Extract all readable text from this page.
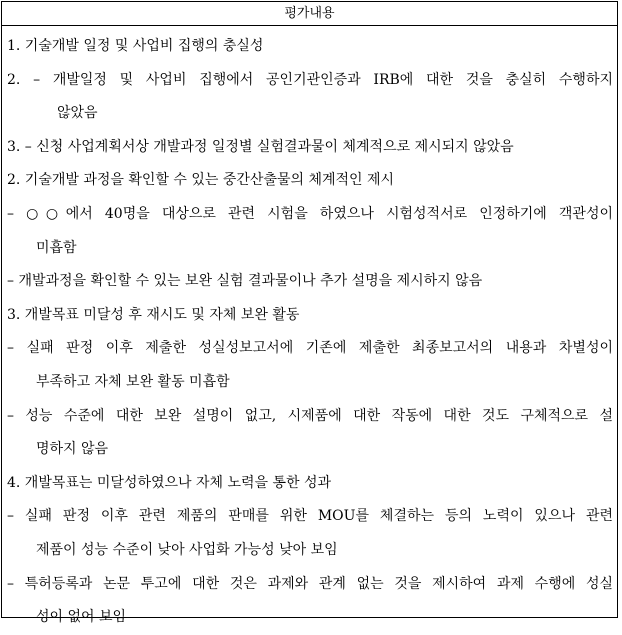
평가내용
1. 기술개발 일정 및 사업비 집행의 충실성
2. – 개발일정 및 사업비 집행에서 공인기관인증과 IRB에 대한 것을 충실히 수행하지
않았음
3. – 신청 사업계획서상 개발과정 일정별 실험결과물이 체계적으로 제시되지 않았음
2. 기술개발 과정을 확인할 수 있는 중간산출물의 체계적인 제시
– ○○에서 40명을 대상으로 관련 시험을 하였으나 시험성적서로 인정하기에 객관성이
미흡함
– 개발과정을 확인할 수 있는 보완 실험 결과물이나 추가 설명을 제시하지 않음
3. 개발목표 미달성 후 재시도 및 자체 보완 활동
– 실패 판정 이후 제출한 성실성보고서에 기존에 제출한 최종보고서의 내용과 차별성이
부족하고 자체 보완 활동 미흡함
– 성능 수준에 대한 보완 설명이 없고, 시제품에 대한 작동에 대한 것도 구체적으로 설
명하지 않음
4. 개발목표는 미달성하였으나 자체 노력을 통한 성과
– 실패 판정 이후 관련 제품의 판매를 위한 MOU를 체결하는 등의 노력이 있으나 관련
제품이 성능 수준이 낮아 사업화 가능성 낮아 보임
– 특허등록과 논문 투고에 대한 것은 과제와 관계 없는 것을 제시하여 과제 수행에 성실
성이 없어 보임
